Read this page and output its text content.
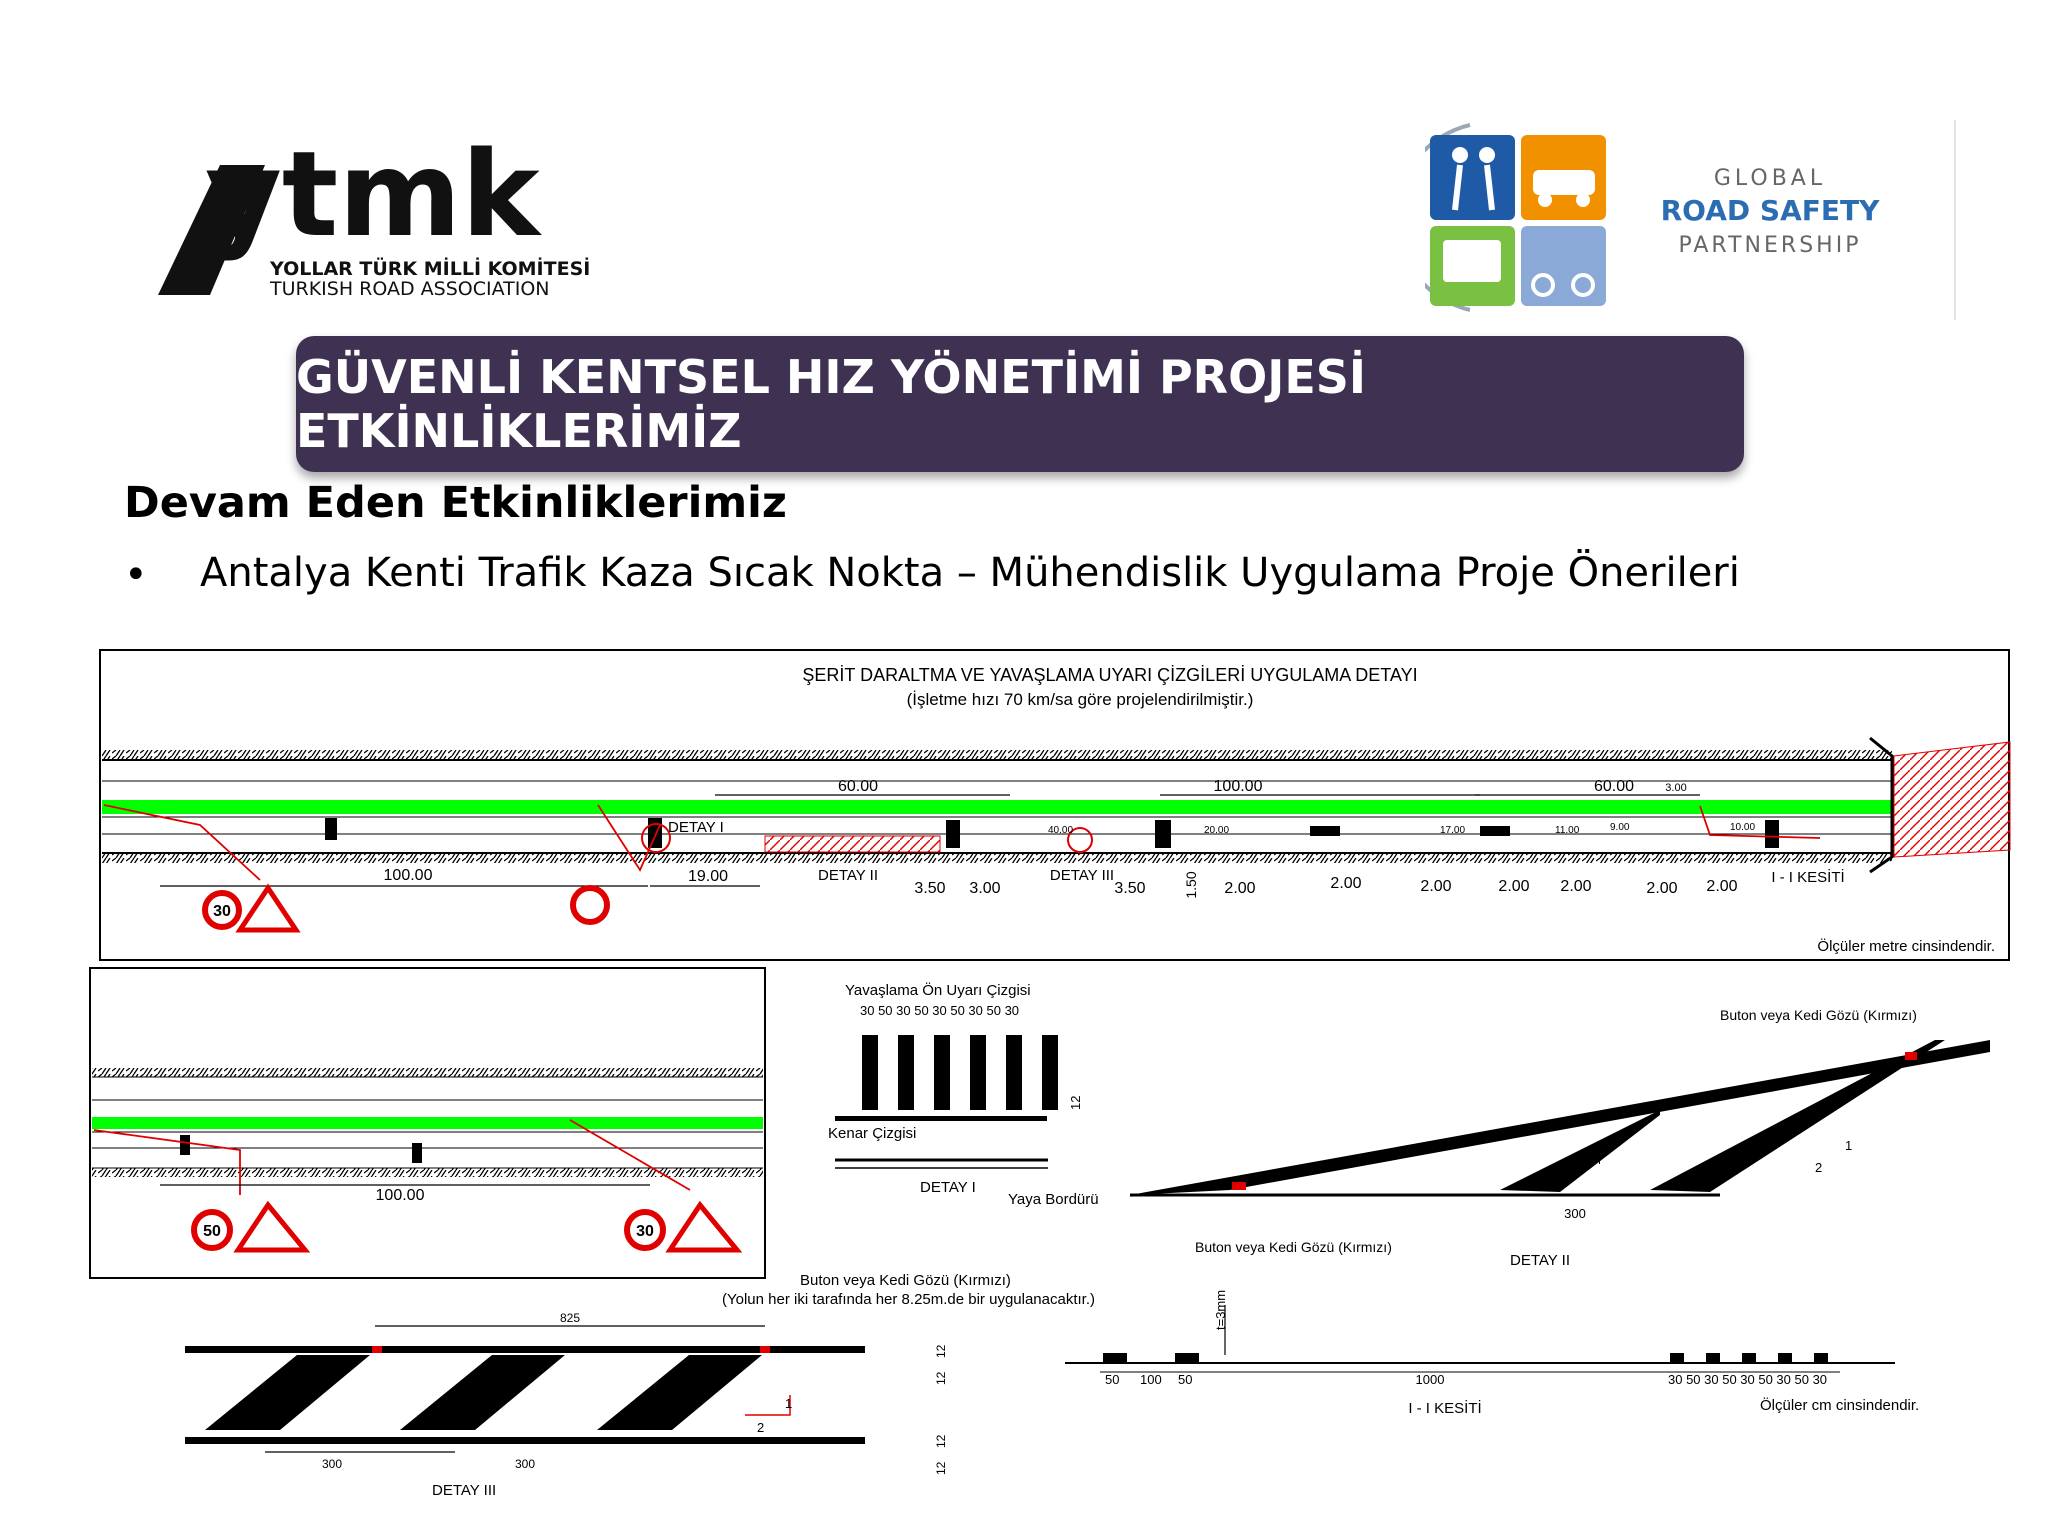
ytmk
YOLLAR TÜRK MİLLİ KOMİTESİ
TURKISH ROAD ASSOCIATION
GLOBAL
ROAD SAFETY
PARTNERSHIP
GÜVENLİ KENTSEL HIZ YÖNETİMİ PROJESİ ETKİNLİKLERİMİZ
Devam Eden Etkinliklerimiz
• Antalya Kenti Trafik Kaza Sıcak Nokta – Mühendislik Uygulama Proje Önerileri
ŞERİT DARALTMA VE YAVAŞLAMA UYARI ÇİZGİLERİ UYGULAMA DETAYI
(İşletme hızı 70 km/sa göre projelendirilmiştir.)
60.00	100.00	60.00	3.00
100.00	19.00
DETAY I
DETAY II	DETAY III	I - I KESİTİ
3.50 3.00	3.50	1.50 2.00	2.00	2.00	2.00 2.00	2.00 2.00
40.00	20.00	17.00	11.00	9.00	10.00
Ölçüler metre cinsindendir.
30
100.00
50	30
Yavaşlama Ön Uyarı Çizgisi
30 50 30 50 30 50 30 50 30
Kenar Çizgisi
DETAY I
Yaya Bordürü
12
Buton veya Kedi Gözü (Kırmızı)
300
100	1
2
Buton veya Kedi Gözü (Kırmızı)
DETAY II
Buton veya Kedi Gözü (Kırmızı)
(Yolun her iki tarafında her 8.25m.de bir uygulanacaktır.)
825
300	300
12
12
12
12
1
2
DETAY III
t=3mm
50 100 50	1000	30 50 30 50 30 50 30 50 30
I - I KESİTİ	Ölçüler cm cinsindendir.
